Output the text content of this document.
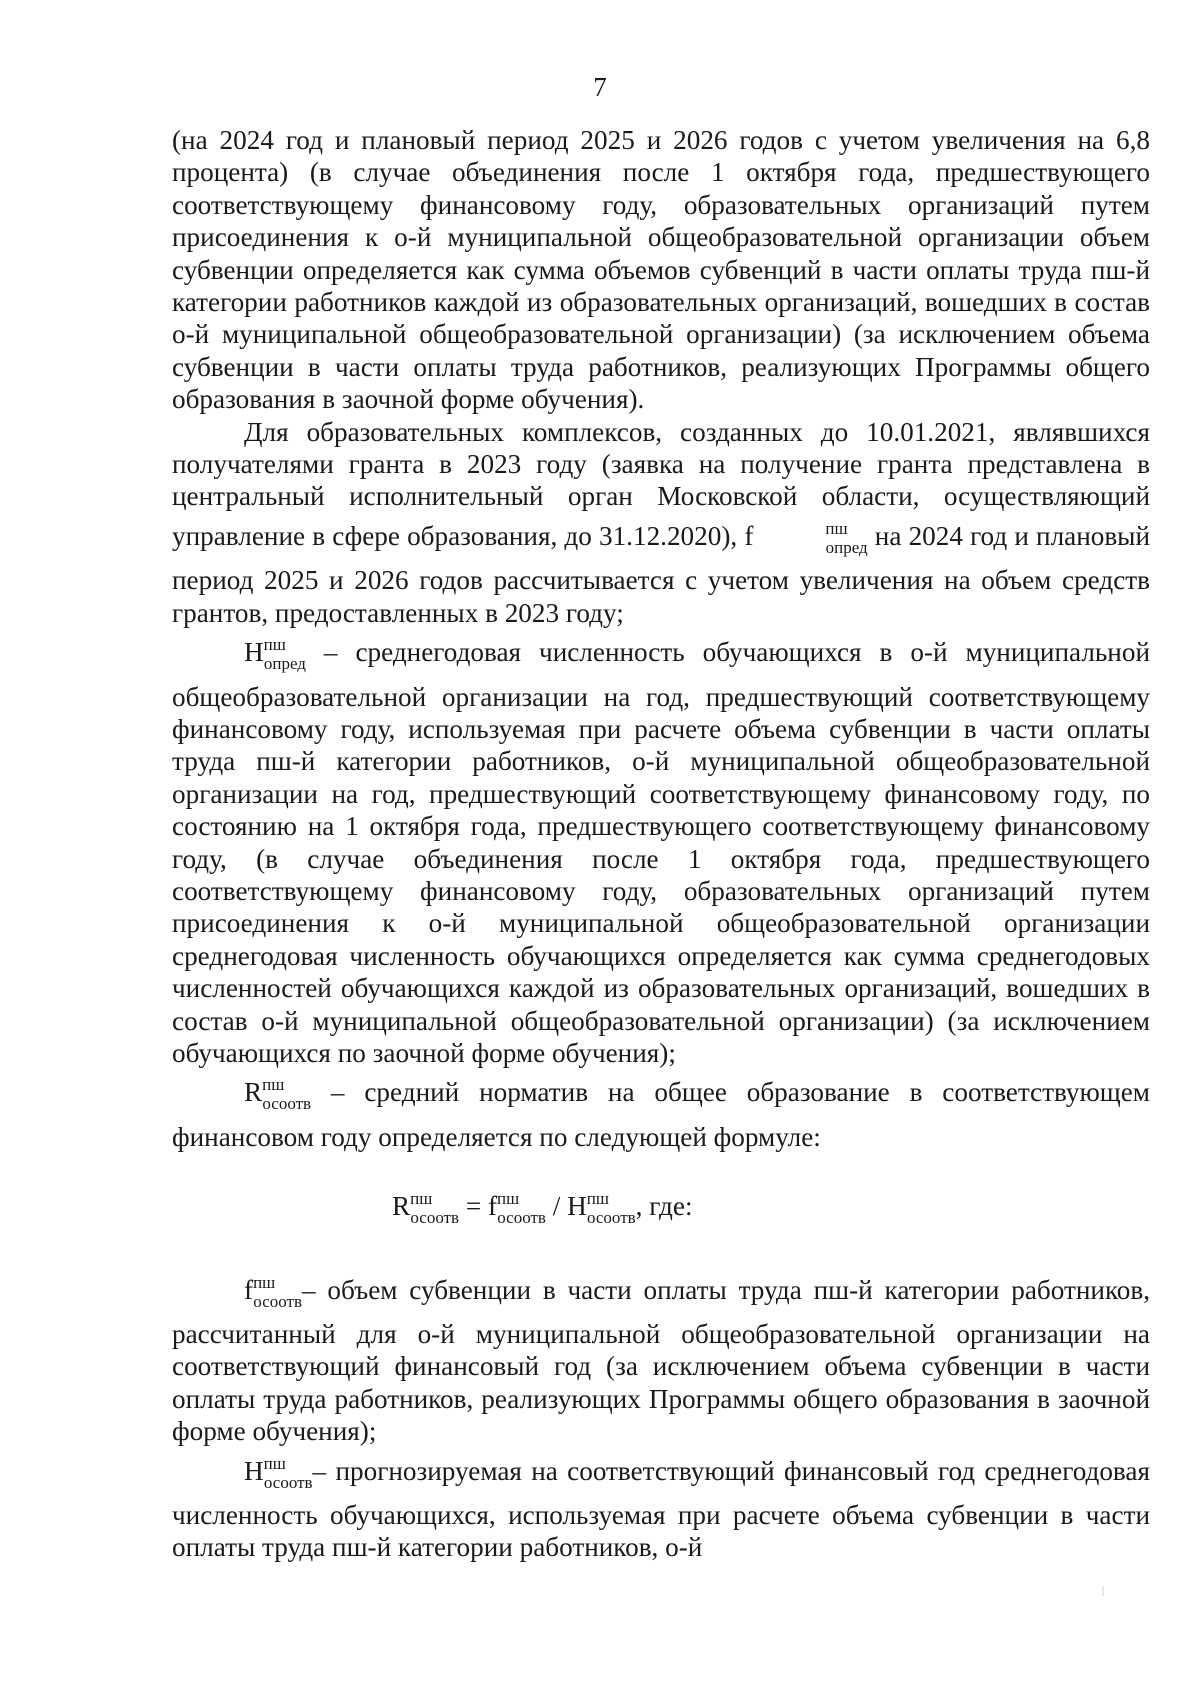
7

(на 2024 год и плановый период 2025 и 2026 годов с учетом увеличения на 6,8 процента) (в случае объединения после 1 октября года, предшествующего соответствующему финансовому году, образовательных организаций путем присоединения к о-й муниципальной общеобразовательной организации объем субвенции определяется как сумма объемов субвенций в части оплаты труда пш-й категории работников каждой из образовательных организаций, вошедших в состав о-й муниципальной общеобразовательной организации) (за исключением объема субвенции в части оплаты труда работников, реализующих Программы общего образования в заочной форме обучения).

Для образовательных комплексов, созданных до 10.01.2021, являвшихся получателями гранта в 2023 году (заявка на получение гранта представлена в центральный исполнительный орган Московской области, осуществляющий управление в сфере образования, до 31.12.2020), f	$^{пш}_{опред}$ на 2024 год и плановый период 2025 и 2026 годов рассчитывается с учетом увеличения на объем средств грантов, предоставленных в 2023 году;

$Н^{пш}_{опред}$ – среднегодовая численность обучающихся в о-й муниципальной общеобразовательной организации на год, предшествующий соответствующему финансовому году, используемая при расчете объема субвенции в части оплаты труда пш-й категории работников, о-й муниципальной общеобразовательной организации на год, предшествующий соответствующему финансовому году, по состоянию на 1 октября года, предшествующего соответствующему финансовому году, (в случае объединения после 1 октября года, предшествующего соответствующему финансовому году, образовательных организаций путем присоединения к о-й муниципальной общеобразовательной организации среднегодовая численность обучающихся определяется как сумма среднегодовых численностей обучающихся каждой из образовательных организаций, вошедших в состав о-й муниципальной общеобразовательной организации) (за исключением обучающихся по заочной форме обучения);

$R^{пш}_{осоотв}$ – средний норматив на общее образование в соответствующем финансовом году определяется по следующей формуле:

$R^{пш}_{осоотв} = f^{пш}_{осоотв} / Н^{пш}_{осоотв}$, где:

$f^{пш}_{осоотв}-$ объем субвенции в части оплаты труда пш-й категории работников, рассчитанный для о-й муниципальной общеобразовательной организации на соответствующий финансовый год (за исключением объема субвенции в части оплаты труда работников, реализующих Программы общего образования в заочной форме обучения);

$Н^{пш}_{осоотв}-$ прогнозируемая на соответствующий финансовый год среднегодовая численность обучающихся, используемая при расчете объема субвенции в части оплаты труда пш-й категории работников, о-й
